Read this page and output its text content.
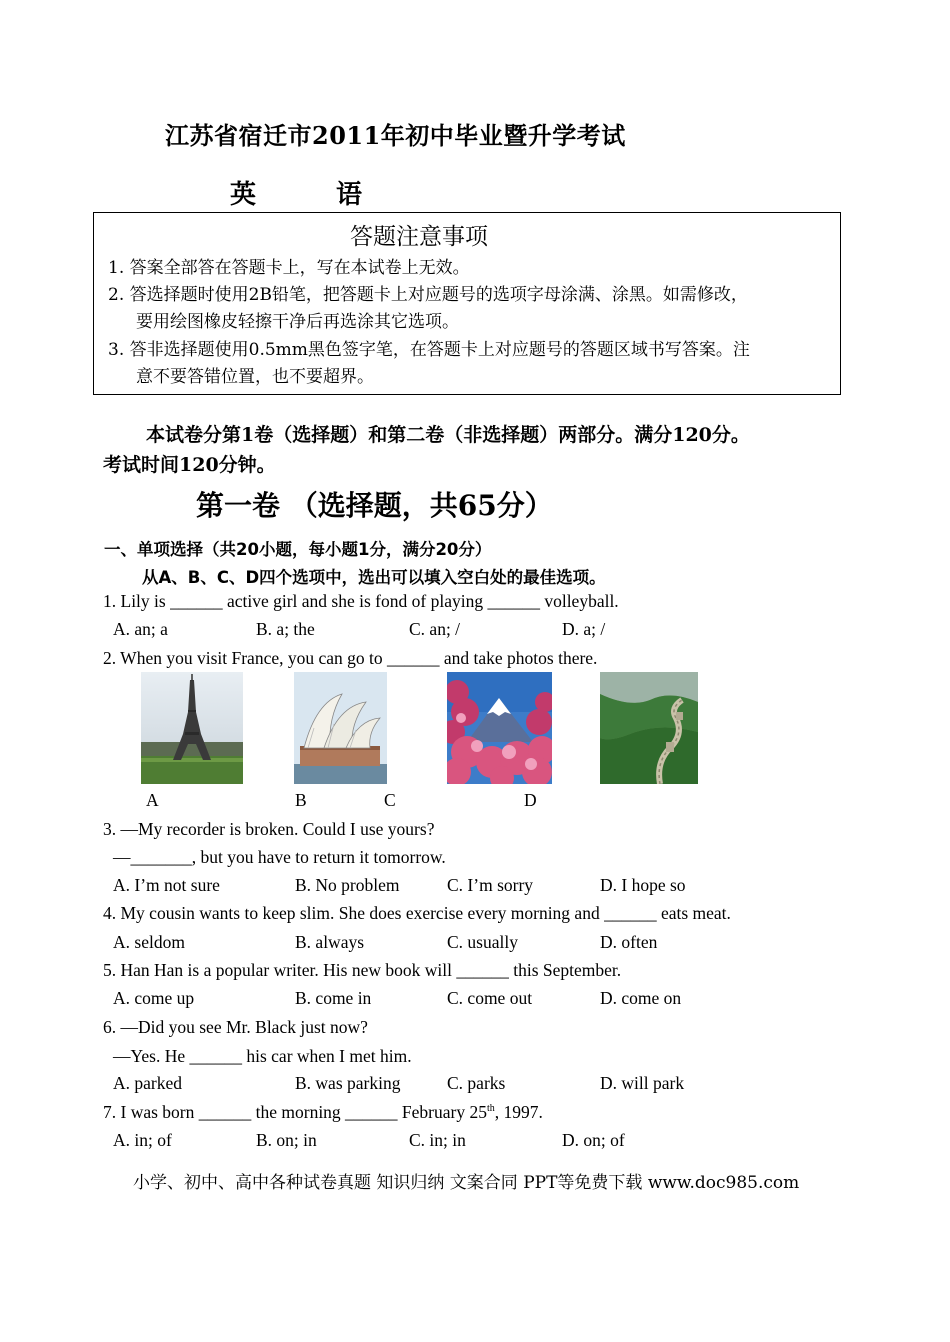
江苏省宿迁市2011年初中毕业暨升学考试
英	语
答题注意事项
1. 答案全部答在答题卡上，写在本试卷上无效。
2. 答选择题时使用2B铅笔，把答题卡上对应题号的选项字母涂满、涂黑。如需修改，
要用绘图橡皮轻擦干净后再选涂其它选项。
3. 答非选择题使用0.5mm黑色签字笔，在答题卡上对应题号的答题区域书写答案。注
意不要答错位置，也不要超界。
本试卷分第1卷（选择题）和第二卷（非选择题）两部分。满分120分。
考试时间120分钟。
第一卷 （选择题，共65分）
一、单项选择（共20小题，每小题1分，满分20分）
从A、B、C、D四个选项中，选出可以填入空白处的最佳选项。
1. Lily is ______ active girl and she is fond of playing ______ volleyball.
A. an; a	B. a; the	C. an; /	D. a; /
2. When you visit France, you can go to ______ and take photos there.
A	B	C	D
3. —My recorder is broken. Could I use yours?
—_______, but you have to return it tomorrow.
A. I’m not sure	B. No problem	C. I’m sorry	D. I hope so
4. My cousin wants to keep slim. She does exercise every morning and ______ eats meat.
A. seldom	B. always	C. usually	D. often
5. Han Han is a popular writer. His new book will ______ this September.
A. come up	B. come in	C. come out	D. come on
6. —Did you see Mr. Black just now?
—Yes. He ______ his car when I met him.
A. parked	B. was parking	C. parks	D. will park
7. I was born ______ the morning ______ February 25th, 1997.
A. in; of	B. on; in	C. in; in	D. on; of
小学、初中、高中各种试卷真题 知识归纳 文案合同 PPT等免费下载 www.doc985.com
